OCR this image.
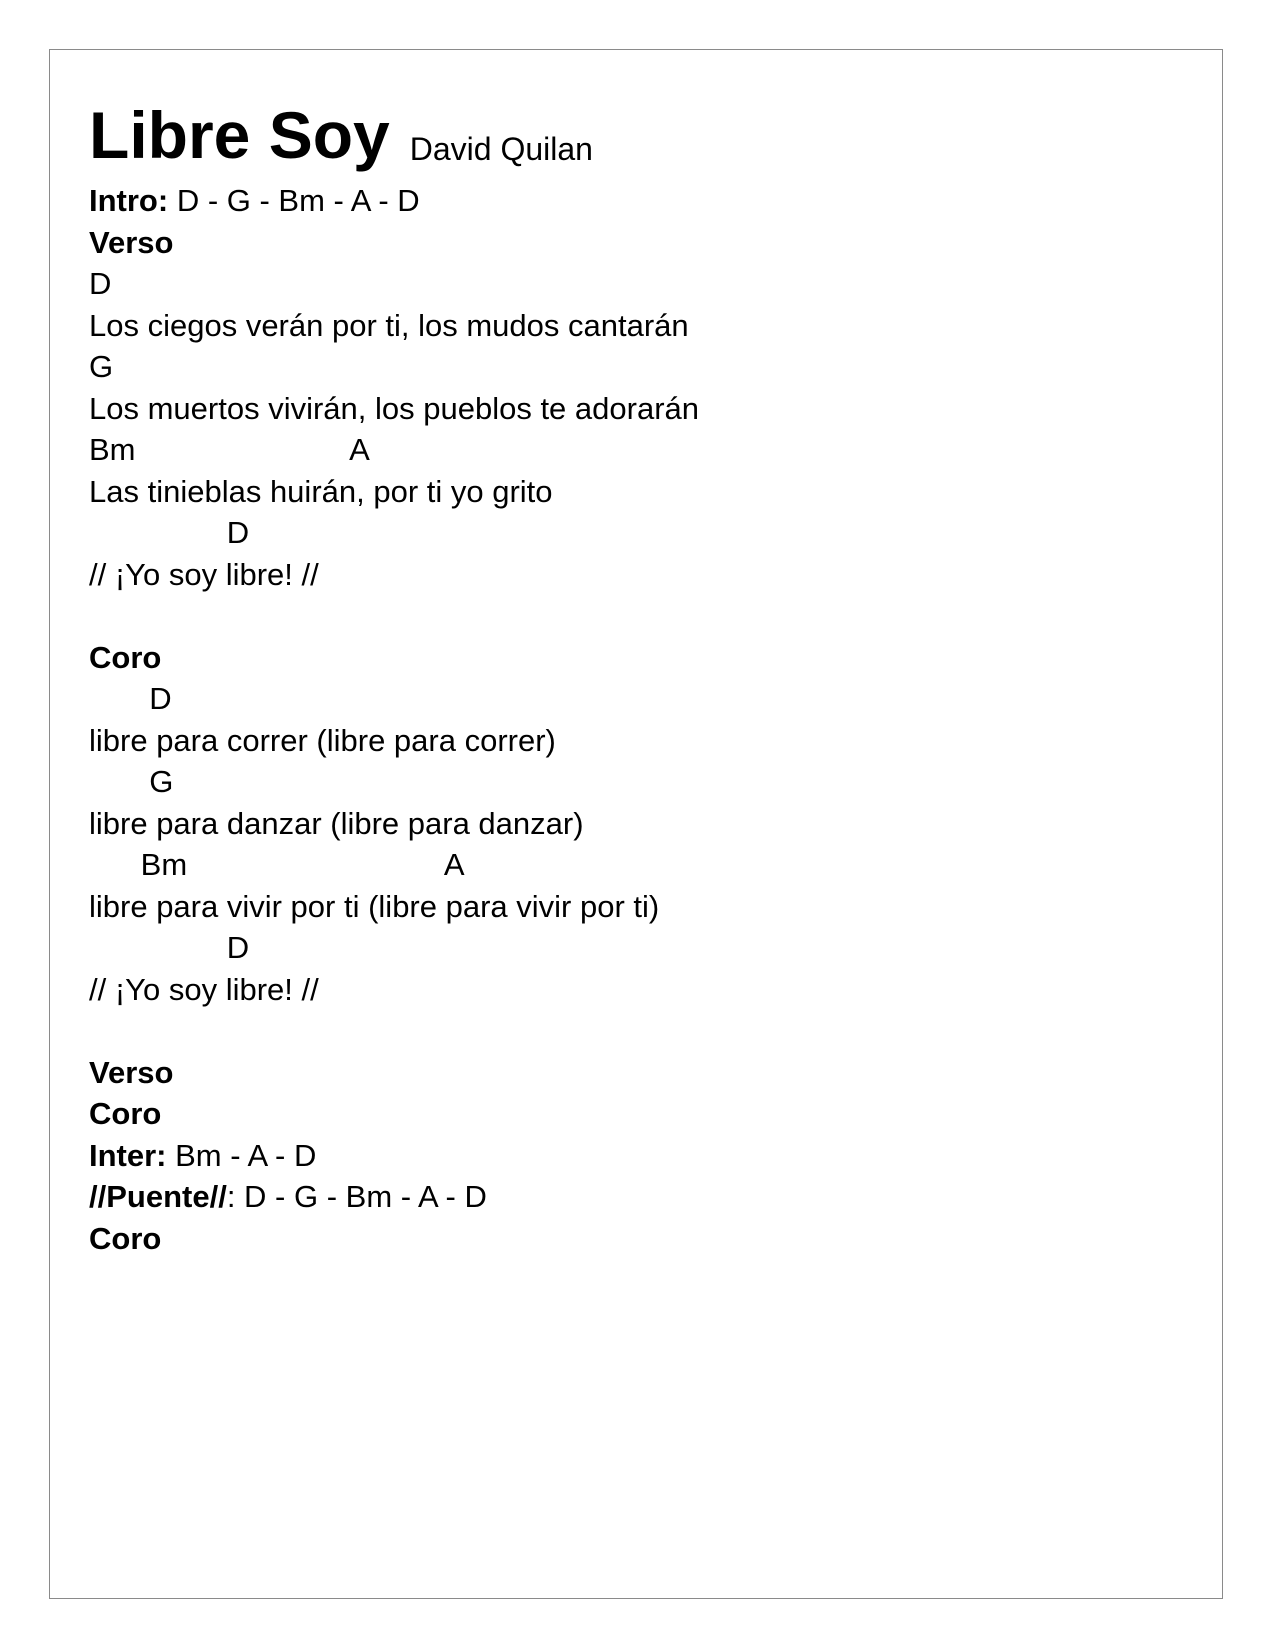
Libre Soy David Quilan
Intro: D - G - Bm - A - D
Verso
D
Los ciegos verán por ti, los mudos cantarán
G
Los muertos vivirán, los pueblos te adorarán
Bm                         A
Las tinieblas huirán, por ti yo grito
D
// ¡Yo soy libre! //
Coro
D
libre para correr (libre para correr)
G
libre para danzar (libre para danzar)
Bm                              A
libre para vivir por ti (libre para vivir por ti)
D
// ¡Yo soy libre! //
Verso
Coro
Inter: Bm - A - D
//Puente//: D - G - Bm - A - D
Coro
